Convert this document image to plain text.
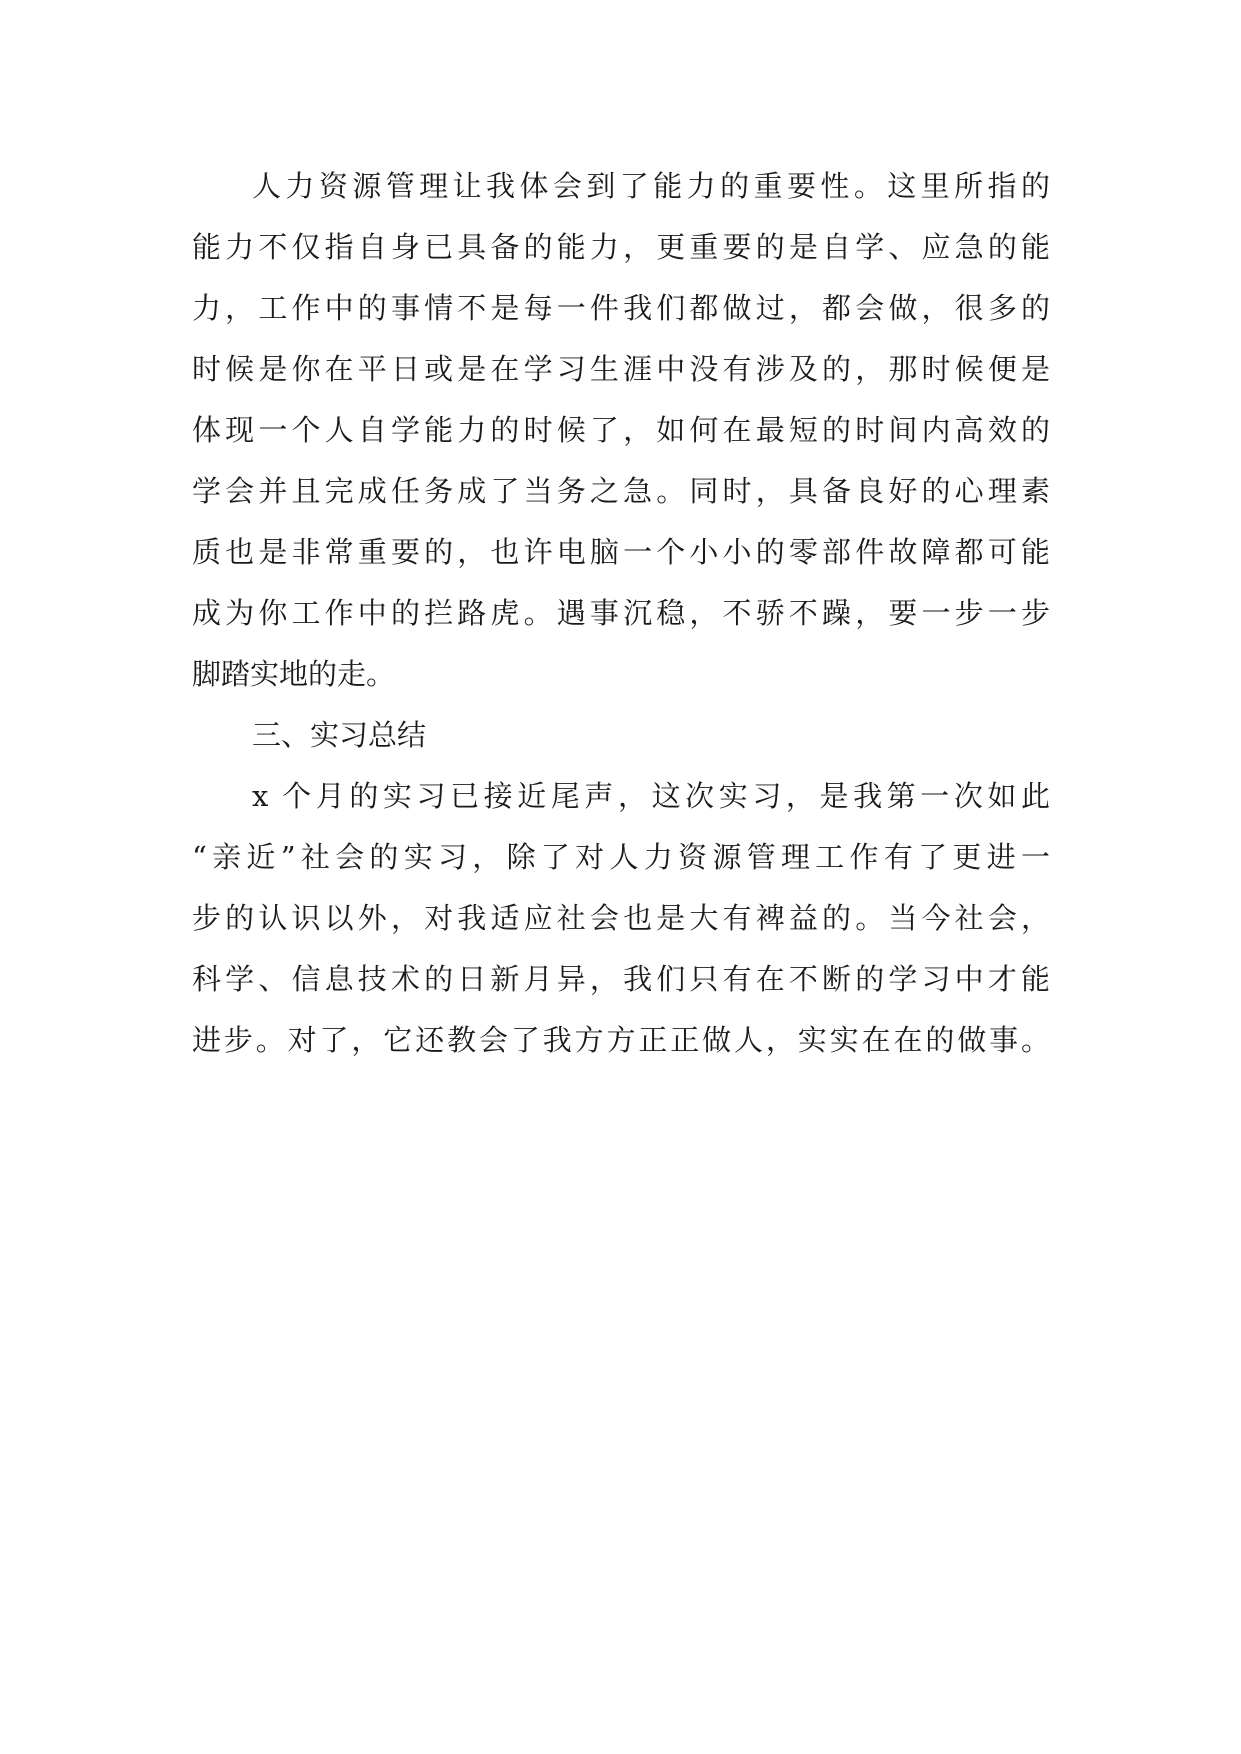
人力资源管理让我体会到了能力的重要性。这里所指的
能力不仅指自身已具备的能力，更重要的是自学、应急的能
力，工作中的事情不是每一件我们都做过，都会做，很多的
时候是你在平日或是在学习生涯中没有涉及的，那时候便是
体现一个人自学能力的时候了，如何在最短的时间内高效的
学会并且完成任务成了当务之急。同时，具备良好的心理素
质也是非常重要的，也许电脑一个小小的零部件故障都可能
成为你工作中的拦路虎。遇事沉稳，不骄不躁，要一步一步
脚踏实地的走。
三、实习总结
x 个月的实习已接近尾声，这次实习，是我第一次如此
“亲近”社会的实习，除了对人力资源管理工作有了更进一
步的认识以外，对我适应社会也是大有裨益的。当今社会，
科学、信息技术的日新月异，我们只有在不断的学习中才能
进步。对了，它还教会了我方方正正做人，实实在在的做事。
